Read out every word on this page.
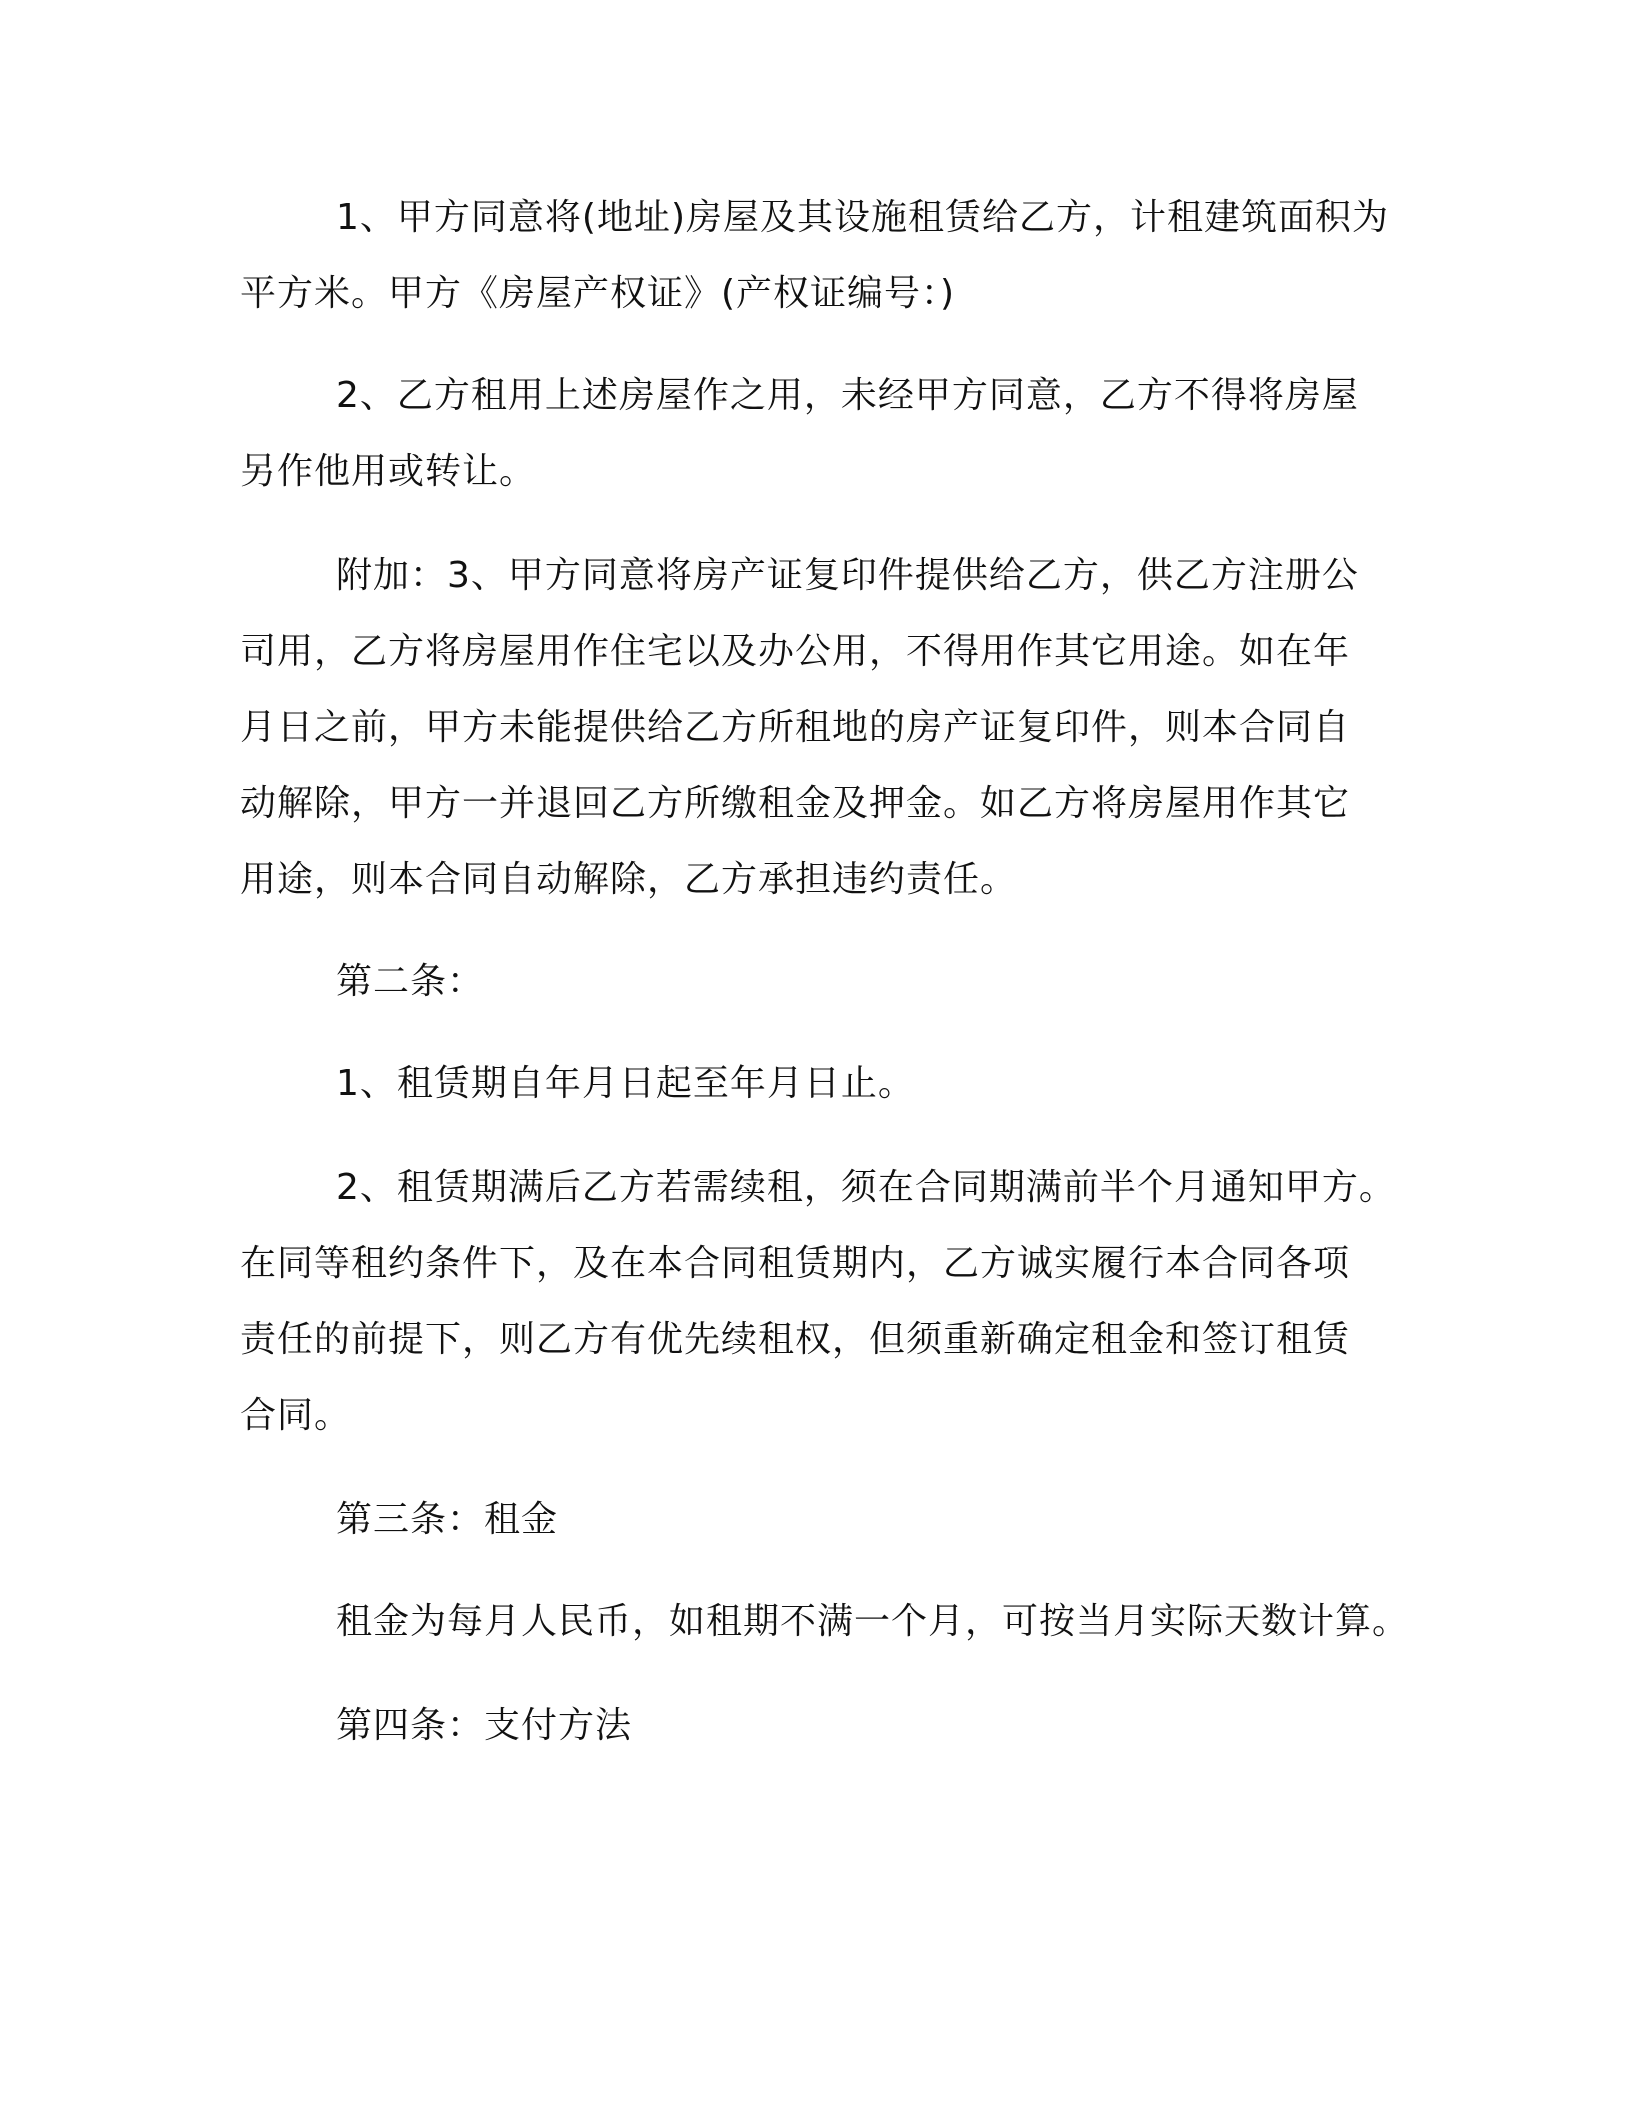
1、甲方同意将(地址)房屋及其设施租赁给乙方，计租建筑面积为

平方米。甲方《房屋产权证》(产权证编号：)

2、乙方租用上述房屋作之用，未经甲方同意，乙方不得将房屋

另作他用或转让。

附加：3、甲方同意将房产证复印件提供给乙方，供乙方注册公

司用，乙方将房屋用作住宅以及办公用，不得用作其它用途。如在年

月日之前，甲方未能提供给乙方所租地的房产证复印件，则本合同自

动解除，甲方一并退回乙方所缴租金及押金。如乙方将房屋用作其它

用途，则本合同自动解除，乙方承担违约责任。

第二条：

1、租赁期自年月日起至年月日止。

2、租赁期满后乙方若需续租，须在合同期满前半个月通知甲方。

在同等租约条件下，及在本合同租赁期内，乙方诚实履行本合同各项

责任的前提下，则乙方有优先续租权，但须重新确定租金和签订租赁

合同。

第三条：租金

租金为每月人民币，如租期不满一个月，可按当月实际天数计算。

第四条：支付方法
